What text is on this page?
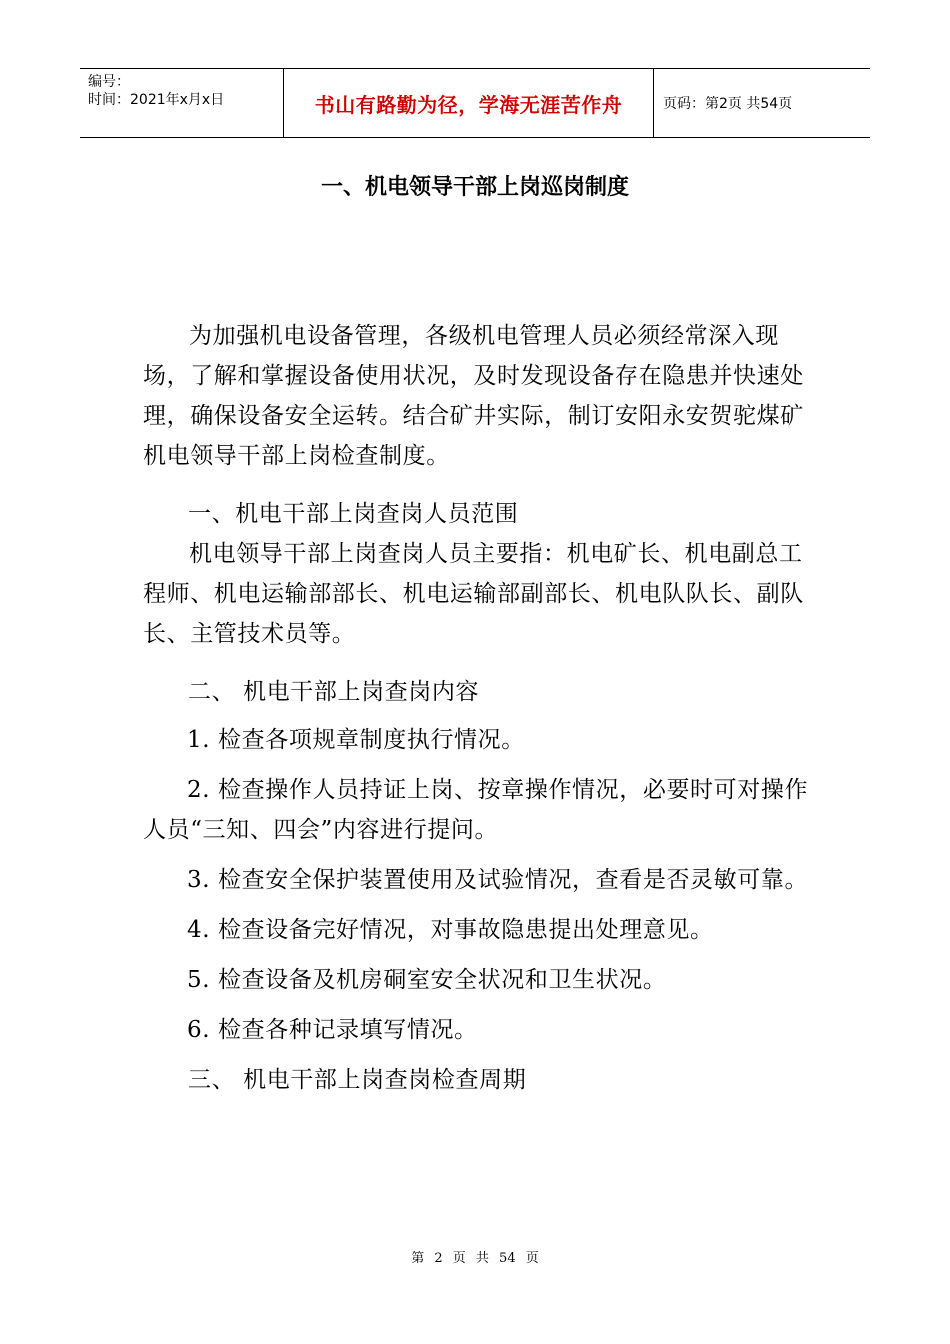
编号：
时间：2021年x月x日	书山有路勤为径，学海无涯苦作舟	页码：第2页 共54页
一、机电领导干部上岗巡岗制度

为加强机电设备管理，各级机电管理人员必须经常深入现场，了解和掌握设备使用状况，及时发现设备存在隐患并快速处理，确保设备安全运转。结合矿井实际，制订安阳永安贺驼煤矿机电领导干部上岗检查制度。

一、机电干部上岗查岗人员范围

机电领导干部上岗查岗人员主要指：机电矿长、机电副总工程师、机电运输部部长、机电运输部副部长、机电队队长、副队长、主管技术员等。

二、 机电干部上岗查岗内容

1. 检查各项规章制度执行情况。

2. 检查操作人员持证上岗、按章操作情况，必要时可对操作人员“三知、四会”内容进行提问。

3. 检查安全保护装置使用及试验情况，查看是否灵敏可靠。

4. 检查设备完好情况，对事故隐患提出处理意见。

5. 检查设备及机房硐室安全状况和卫生状况。

6. 检查各种记录填写情况。

三、 机电干部上岗查岗检查周期

第 2 页 共 54 页
